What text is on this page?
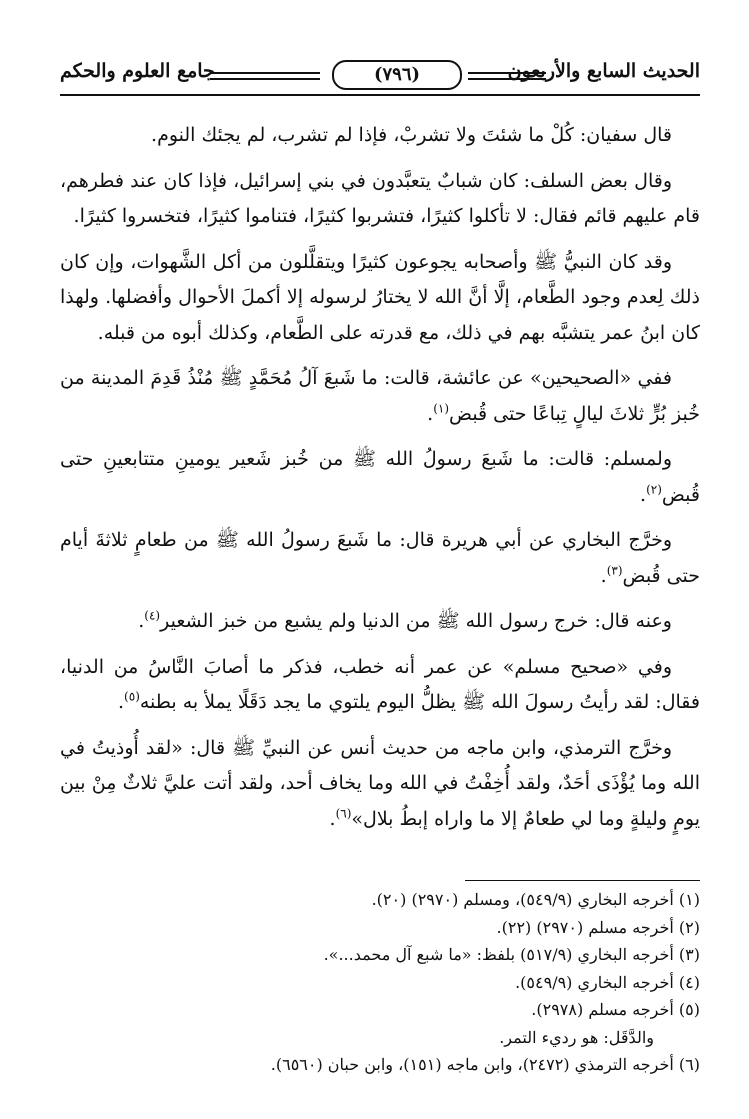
الحديث السابع والأربعون
(٧٩٦)
جامع العلوم والحكم

قال سفيان: كُلْ ما شئتَ ولا تشربْ، فإذا لم تشرب، لم يجئك النوم.

وقال بعض السلف: كان شبابٌ يتعبَّدون في بني إسرائيل، فإذا كان عند فطرهم، قام عليهم قائم فقال: لا تأكلوا كثيرًا، فتشربوا كثيرًا، فتناموا كثيرًا، فتخسروا كثيرًا.

وقد كان النبيُّ ﷺ وأصحابه يجوعون كثيرًا ويتقلَّلون من أكل الشَّهوات، وإن كان ذلك لِعدم وجود الطَّعام، إلَّا أنَّ الله لا يختارُ لرسوله إلا أكملَ الأحوال وأفضلها. ولهذا كان ابنُ عمر يتشبَّه بهم في ذلك، مع قدرته على الطَّعام، وكذلك أبوه من قبله.

ففي «الصحيحين» عن عائشة، قالت: ما شَبعَ آلُ مُحَمَّدٍ ﷺ مُنْذُ قَدِمَ المدينة من خُبز بُرٍّ ثلاثَ ليالٍ تِباعًا حتى قُبض$^{(١)}$.

ولمسلم: قالت: ما شَبعَ رسولُ الله ﷺ من خُبز شَعير يومينِ متتابعينِ حتى قُبض$^{(٢)}$.

وخرَّج البخاري عن أبي هريرة قال: ما شَبعَ رسولُ الله ﷺ من طعامٍ ثلاثةَ أيام حتى قُبض$^{(٣)}$.

وعنه قال: خرج رسول الله ﷺ من الدنيا ولم يشبع من خبز الشعير$^{(٤)}$.

وفي «صحيح مسلم» عن عمر أنه خطب، فذكر ما أصابَ النَّاسُ من الدنيا، فقال: لقد رأيتُ رسولَ الله ﷺ يظلُّ اليوم يلتوي ما يجد دَقَلًا يملأ به بطنه$^{(٥)}$.

وخرَّج الترمذي، وابن ماجه من حديث أنس عن النبيِّ ﷺ قال: «لقد أُوذيتُ في الله وما يُؤْذَى أحَدٌ، ولقد أُخِفْتُ في الله وما يخاف أحد، ولقد أتت عليَّ ثلاثٌ مِنْ بين يومٍ وليلةٍ وما لي طعامٌ إلا ما واراه إبطُ بلال»$^{(٦)}$.

(١) أخرجه البخاري (٥٤٩/٩)، ومسلم (٢٩٧٠) (٢٠).

(٢) أخرجه مسلم (٢٩٧٠) (٢٢).

(٣) أخرجه البخاري (٥١٧/٩) بلفظ: «ما شبع آل محمد...».

(٤) أخرجه البخاري (٥٤٩/٩).

(٥) أخرجه مسلم (٢٩٧٨).

والدَّقَل: هو رديء التمر.

(٦) أخرجه الترمذي (٢٤٧٢)، وابن ماجه (١٥١)، وابن حبان (٦٥٦٠).
